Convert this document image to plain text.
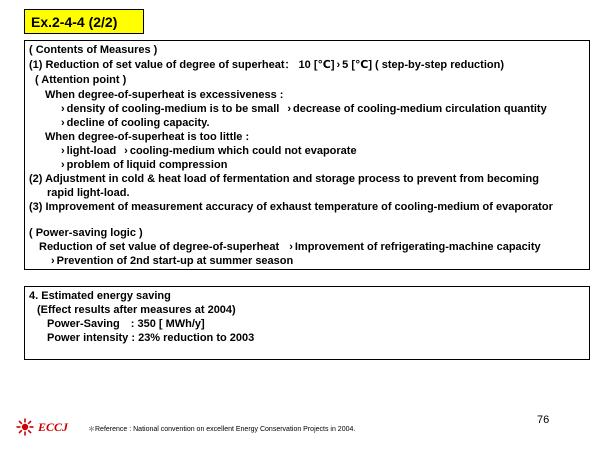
Ex.2-4-4 (2/2)
( Contents of Measures )
(1) Reduction of set value of degree of superheat： 10 [℃] › 5 [℃] ( step-by-step reduction)
( Attention point )
When degree-of-superheat is excessiveness :
› density of cooling-medium is to be small › decrease of cooling-medium circulation quantity
› decline of cooling capacity.
When degree-of-superheat is too little :
› light-load › cooling-medium which could not evaporate
› problem of liquid compression
(2) Adjustment in cold & heat load of fermentation and storage process to prevent from becoming
rapid light-load.
(3) Improvement of measurement accuracy of exhaust temperature of cooling-medium of evaporator
( Power-saving logic )
Reduction of set value of degree-of-superheat › Improvement of refrigerating-machine capacity
› Prevention of 2nd start-up at summer season
4. Estimated energy saving
(Effect results after measures at 2004)
Power-Saving　: 350 [ MWh/y]
Power intensity : 23% reduction to 2003
ECCJ	＊Reference : National convention on excellent Energy Conservation Projects in 2004.
76
